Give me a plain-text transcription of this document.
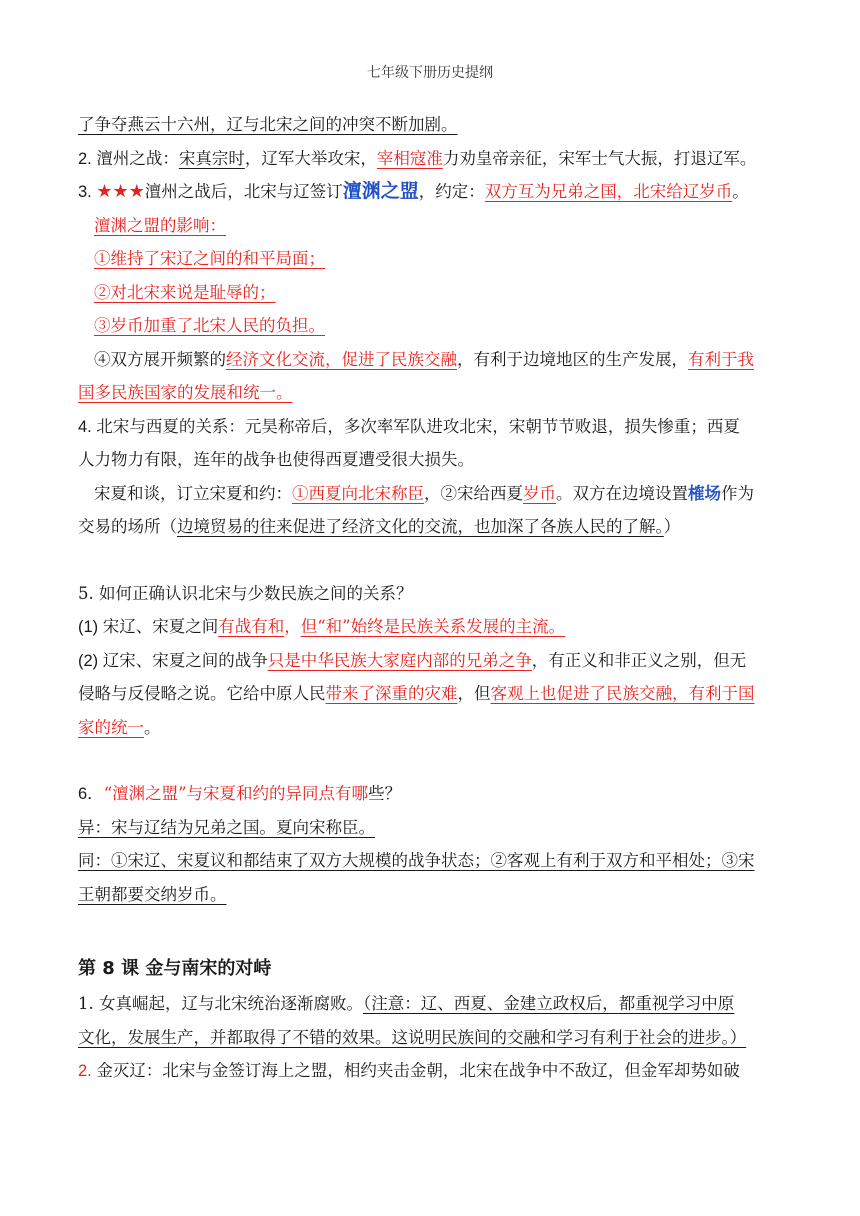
七年级下册历史提纲
了争夺燕云十六州，辽与北宋之间的冲突不断加剧。
2. 澶州之战：宋真宗时，辽军大举攻宋，宰相寇准力劝皇帝亲征，宋军士气大振，打退辽军。
3. ★★★澶州之战后，北宋与辽签订澶渊之盟，约定：双方互为兄弟之国，北宋给辽岁币。
澶渊之盟的影响：
①维持了宋辽之间的和平局面；
②对北宋来说是耻辱的；
③岁币加重了北宋人民的负担。
④双方展开频繁的经济文化交流，促进了民族交融，有利于边境地区的生产发展，有利于我
国多民族国家的发展和统一。
4. 北宋与西夏的关系：元昊称帝后，多次率军队进攻北宋，宋朝节节败退，损失惨重；西夏
人力物力有限，连年的战争也使得西夏遭受很大损失。
宋夏和谈，订立宋夏和约：①西夏向北宋称臣，②宋给西夏岁币。双方在边境设置榷场作为
交易的场所（边境贸易的往来促进了经济文化的交流，也加深了各族人民的了解。）
5. 如何正确认识北宋与少数民族之间的关系？
(1) 宋辽、宋夏之间有战有和，但“和”始终是民族关系发展的主流。
(2) 辽宋、宋夏之间的战争只是中华民族大家庭内部的兄弟之争，有正义和非正义之别，但无
侵略与反侵略之说。它给中原人民带来了深重的灾难，但客观上也促进了民族交融，有利于国
家的统一。
6．“澶渊之盟”与宋夏和约的异同点有哪些？
异：宋与辽结为兄弟之国。夏向宋称臣。
同：①宋辽、宋夏议和都结束了双方大规模的战争状态；②客观上有利于双方和平相处；③宋
王朝都要交纳岁币。
第 8 课 金与南宋的对峙
1. 女真崛起，辽与北宋统治逐渐腐败。（注意：辽、西夏、金建立政权后，都重视学习中原
文化，发展生产，并都取得了不错的效果。这说明民族间的交融和学习有利于社会的进步。）
2. 金灭辽：北宋与金签订海上之盟，相约夹击金朝，北宋在战争中不敌辽，但金军却势如破
